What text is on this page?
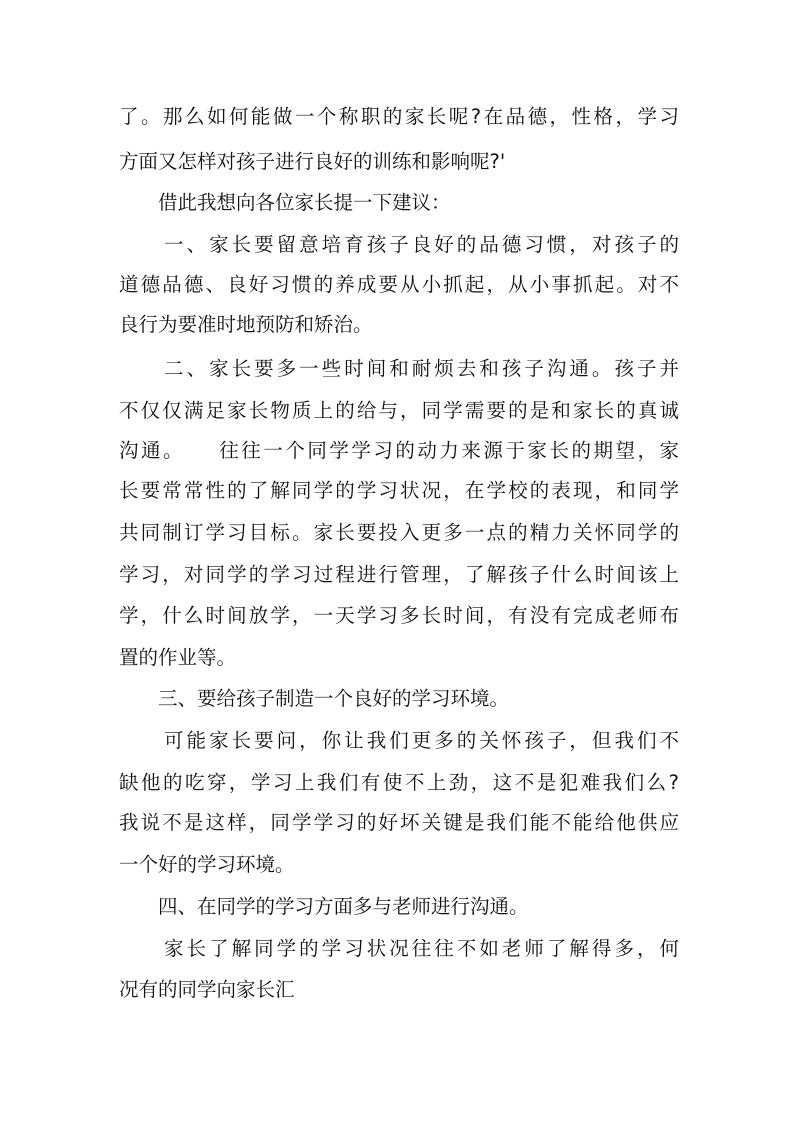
了。那么如何能做一个称职的家长呢?在品德，性格，学习

方面又怎样对孩子进行良好的训练和影响呢?'

　　借此我想向各位家长提一下建议：

　　一、家长要留意培育孩子良好的品德习惯，对孩子的

道德品德、良好习惯的养成要从小抓起，从小事抓起。对不

良行为要准时地预防和矫治。

　　二、家长要多一些时间和耐烦去和孩子沟通。孩子并

不仅仅满足家长物质上的给与，同学需要的是和家长的真诚

沟通。　　往往一个同学学习的动力来源于家长的期望，家

长要常常性的了解同学的学习状况，在学校的表现，和同学

共同制订学习目标。家长要投入更多一点的精力关怀同学的

学习，对同学的学习过程进行管理，了解孩子什么时间该上

学，什么时间放学，一天学习多长时间，有没有完成老师布

置的作业等。

　　三、要给孩子制造一个良好的学习环境。

　　可能家长要问，你让我们更多的关怀孩子，但我们不

缺他的吃穿，学习上我们有使不上劲，这不是犯难我们么?

我说不是这样，同学学习的好坏关键是我们能不能给他供应

一个好的学习环境。

　　四、在同学的学习方面多与老师进行沟通。

　　家长了解同学的学习状况往往不如老师了解得多，何

况有的同学向家长汇
